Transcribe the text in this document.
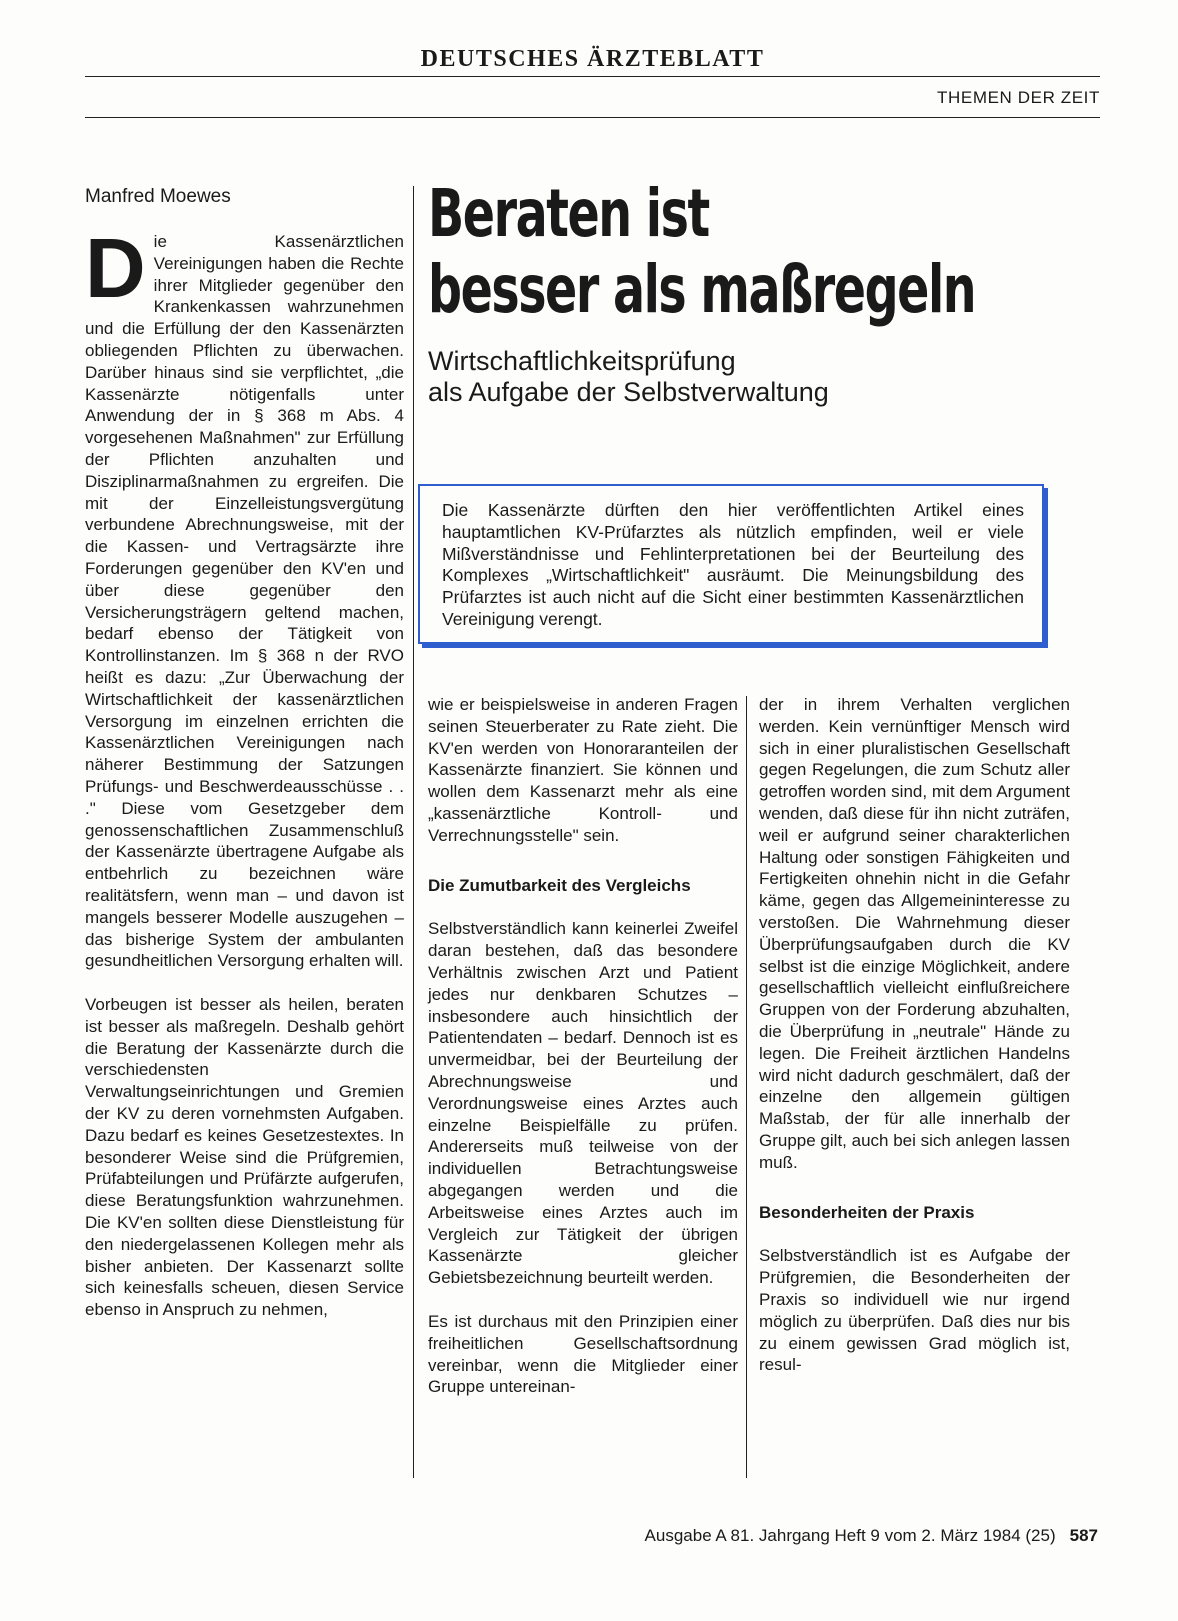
DEUTSCHES ÄRZTEBLATT
THEMEN DER ZEIT
Manfred Moewes

Die Kassenärztlichen Vereinigungen haben die Rechte ihrer Mitglieder gegenüber den Krankenkassen wahrzunehmen und die Erfüllung der den Kassenärzten obliegenden Pflichten zu überwachen. Darüber hinaus sind sie verpflichtet, „die Kassenärzte nötigenfalls unter Anwendung der in § 368 m Abs. 4 vorgesehenen Maßnahmen" zur Erfüllung der Pflichten anzuhalten und Disziplinarmaßnahmen zu ergreifen. Die mit der Einzelleistungsvergütung verbundene Abrechnungsweise, mit der die Kassen- und Vertragsärzte ihre Forderungen gegenüber den KV'en und über diese gegenüber den Versicherungsträgern geltend machen, bedarf ebenso der Tätigkeit von Kontrollinstanzen. Im § 368 n der RVO heißt es dazu: „Zur Überwachung der Wirtschaftlichkeit der kassenärztlichen Versorgung im einzelnen errichten die Kassenärztlichen Vereinigungen nach näherer Bestimmung der Satzungen Prüfungs- und Beschwerdeausschüsse . . ." Diese vom Gesetzgeber dem genossenschaftlichen Zusammenschluß der Kassenärzte übertragene Aufgabe als entbehrlich zu bezeichnen wäre realitätsfern, wenn man – und davon ist mangels besserer Modelle auszugehen – das bisherige System der ambulanten gesundheitlichen Versorgung erhalten will.

Vorbeugen ist besser als heilen, beraten ist besser als maßregeln. Deshalb gehört die Beratung der Kassenärzte durch die verschiedensten Verwaltungseinrichtungen und Gremien der KV zu deren vornehmsten Aufgaben. Dazu bedarf es keines Gesetzestextes. In besonderer Weise sind die Prüfgremien, Prüfabteilungen und Prüfärzte aufgerufen, diese Beratungsfunktion wahrzunehmen. Die KV'en sollten diese Dienstleistung für den niedergelassenen Kollegen mehr als bisher anbieten. Der Kassenarzt sollte sich keinesfalls scheuen, diesen Service ebenso in Anspruch zu nehmen,

Beraten ist
besser als maßregeln
Wirtschaftlichkeitsprüfung
als Aufgabe der Selbstverwaltung
Die Kassenärzte dürften den hier veröffentlichten Artikel eines hauptamtlichen KV-Prüfarztes als nützlich empfinden, weil er viele Mißverständnisse und Fehlinterpretationen bei der Beurteilung des Komplexes „Wirtschaftlichkeit" ausräumt. Die Meinungsbildung des Prüfarztes ist auch nicht auf die Sicht einer bestimmten Kassenärztlichen Vereinigung verengt.

wie er beispielsweise in anderen Fragen seinen Steuerberater zu Rate zieht. Die KV'en werden von Honoraranteilen der Kassenärzte finanziert. Sie können und wollen dem Kassenarzt mehr als eine „kassenärztliche Kontroll- und Verrechnungsstelle" sein.

Die Zumutbarkeit des Vergleichs

Selbstverständlich kann keinerlei Zweifel daran bestehen, daß das besondere Verhältnis zwischen Arzt und Patient jedes nur denkbaren Schutzes – insbesondere auch hinsichtlich der Patientendaten – bedarf. Dennoch ist es unvermeidbar, bei der Beurteilung der Abrechnungsweise und Verordnungsweise eines Arztes auch einzelne Beispielfälle zu prüfen. Andererseits muß teilweise von der individuellen Betrachtungsweise abgegangen werden und die Arbeitsweise eines Arztes auch im Vergleich zur Tätigkeit der übrigen Kassenärzte gleicher Gebietsbezeichnung beurteilt werden.

Es ist durchaus mit den Prinzipien einer freiheitlichen Gesellschaftsordnung vereinbar, wenn die Mitglieder einer Gruppe untereinan-

der in ihrem Verhalten verglichen werden. Kein vernünftiger Mensch wird sich in einer pluralistischen Gesellschaft gegen Regelungen, die zum Schutz aller getroffen worden sind, mit dem Argument wenden, daß diese für ihn nicht zuträfen, weil er aufgrund seiner charakterlichen Haltung oder sonstigen Fähigkeiten und Fertigkeiten ohnehin nicht in die Gefahr käme, gegen das Allgemeininteresse zu verstoßen. Die Wahrnehmung dieser Überprüfungsaufgaben durch die KV selbst ist die einzige Möglichkeit, andere gesellschaftlich vielleicht einflußreichere Gruppen von der Forderung abzuhalten, die Überprüfung in „neutrale" Hände zu legen. Die Freiheit ärztlichen Handelns wird nicht dadurch geschmälert, daß der einzelne den allgemein gültigen Maßstab, der für alle innerhalb der Gruppe gilt, auch bei sich anlegen lassen muß.

Besonderheiten der Praxis

Selbstverständlich ist es Aufgabe der Prüfgremien, die Besonderheiten der Praxis so individuell wie nur irgend möglich zu überprüfen. Daß dies nur bis zu einem gewissen Grad möglich ist, resul-

Ausgabe A 81. Jahrgang Heft 9 vom 2. März 1984 (25) 587
